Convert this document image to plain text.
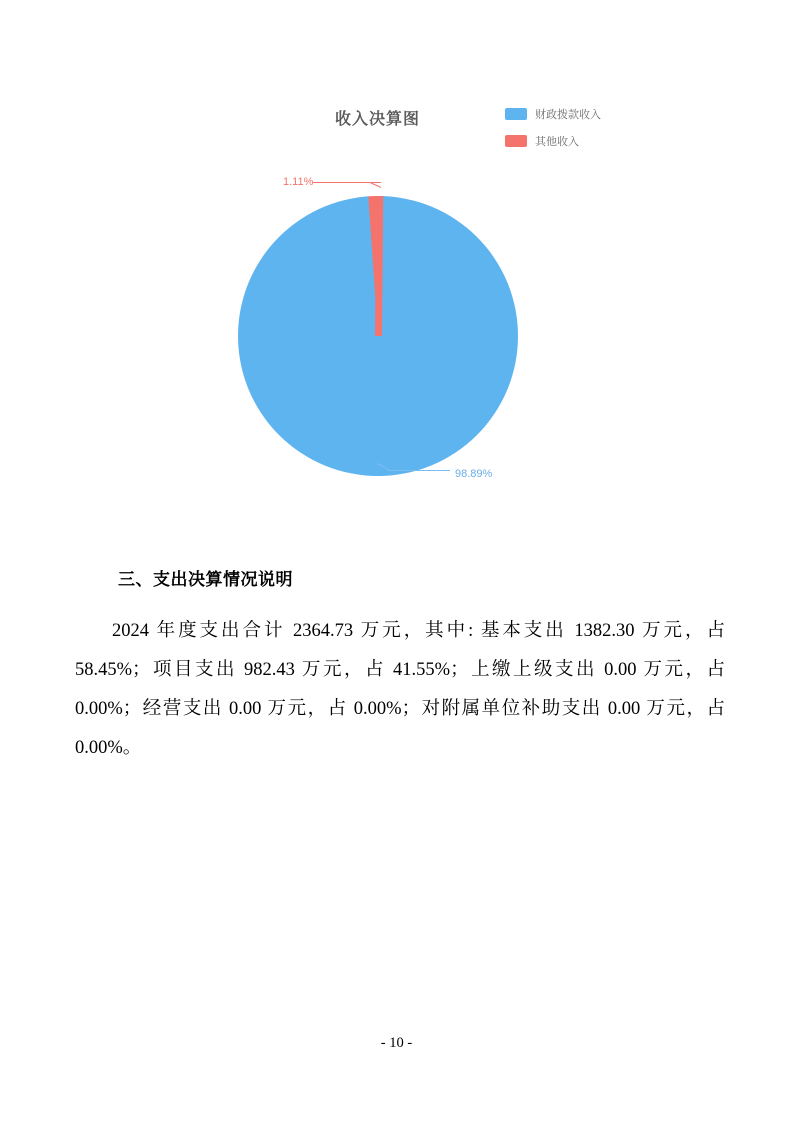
收入决算图	财政拨款收入
其他收入
1.11%
98.89%
三、支出决算情况说明
2024 年度支出合计 2364.73 万元，其中: 基本支出 1382.30 万元，占 58.45%；项目支出 982.43 万元，占 41.55%；上缴上级支出 0.00 万元，占 0.00%；经营支出 0.00 万元，占 0.00%；对附属单位补助支出 0.00 万元，占 0.00%。
- 10 -
